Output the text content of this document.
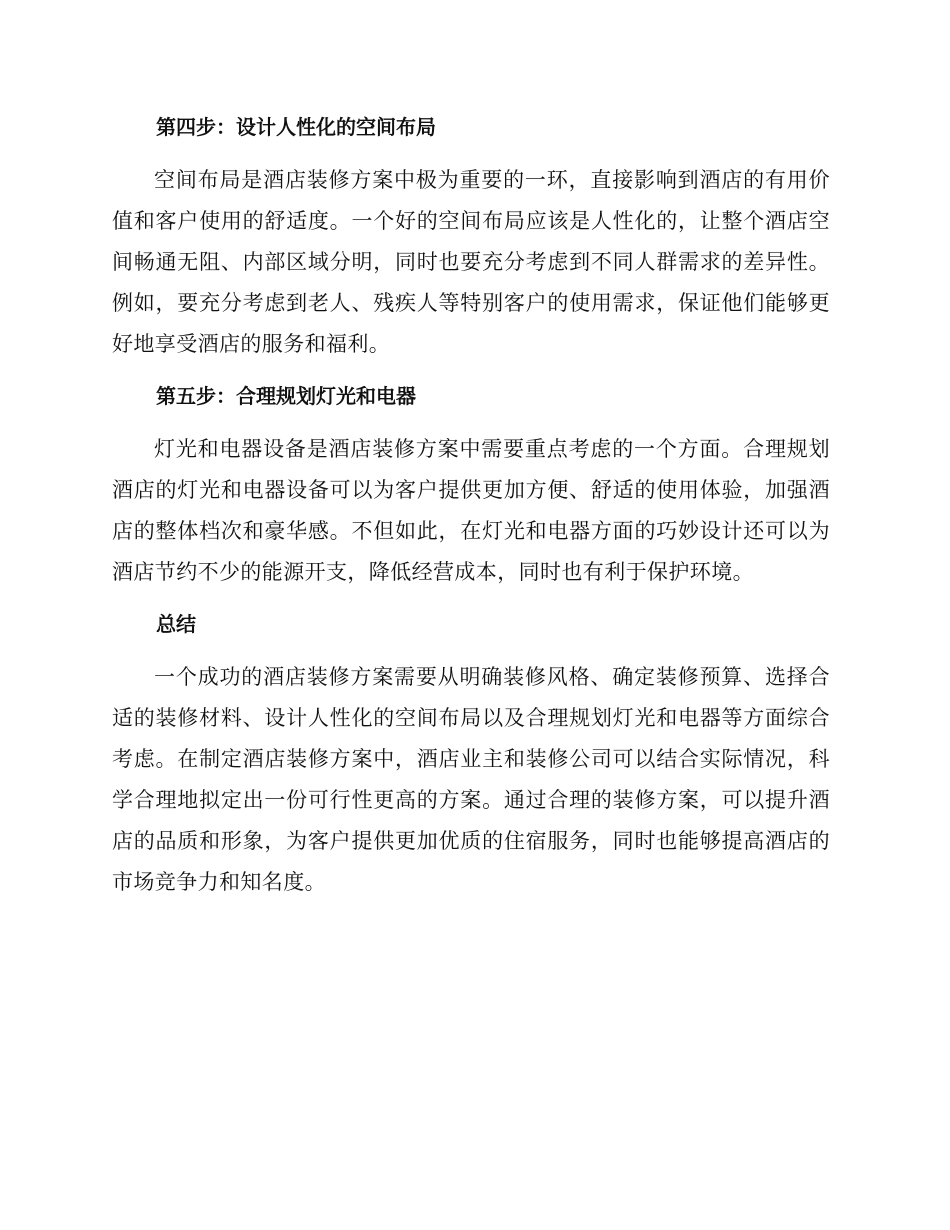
第四步：设计人性化的空间布局

空间布局是酒店装修方案中极为重要的一环，直接影响到酒店的有用价值和客户使用的舒适度。一个好的空间布局应该是人性化的，让整个酒店空间畅通无阻、内部区域分明，同时也要充分考虑到不同人群需求的差异性。例如，要充分考虑到老人、残疾人等特别客户的使用需求，保证他们能够更好地享受酒店的服务和福利。

第五步：合理规划灯光和电器

灯光和电器设备是酒店装修方案中需要重点考虑的一个方面。合理规划酒店的灯光和电器设备可以为客户提供更加方便、舒适的使用体验，加强酒店的整体档次和豪华感。不但如此，在灯光和电器方面的巧妙设计还可以为酒店节约不少的能源开支，降低经营成本，同时也有利于保护环境。

总结

一个成功的酒店装修方案需要从明确装修风格、确定装修预算、选择合适的装修材料、设计人性化的空间布局以及合理规划灯光和电器等方面综合考虑。在制定酒店装修方案中，酒店业主和装修公司可以结合实际情况，科学合理地拟定出一份可行性更高的方案。通过合理的装修方案，可以提升酒店的品质和形象，为客户提供更加优质的住宿服务，同时也能够提高酒店的市场竞争力和知名度。
